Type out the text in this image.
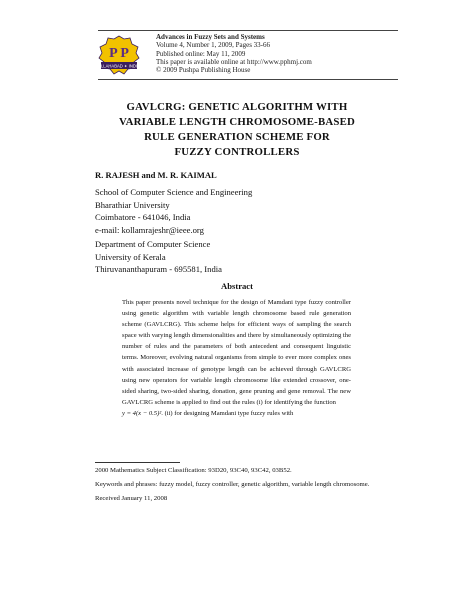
P P
ALLAHABAD ✦ INDIA
Advances in Fuzzy Sets and Systems
Volume 4, Number 1, 2009, Pages 33-66
Published online: May 11, 2009
This paper is available online at http://www.pphmj.com
© 2009 Pushpa Publishing House
GAVLCRG: GENETIC ALGORITHM WITH
VARIABLE LENGTH CHROMOSOME-BASED
RULE GENERATION SCHEME FOR
FUZZY CONTROLLERS
R. RAJESH and M. R. KAIMAL
School of Computer Science and Engineering
Bharathiar University
Coimbatore - 641046, India
e-mail: kollamrajeshr@ieee.org
Department of Computer Science
University of Kerala
Thiruvananthapuram - 695581, India
Abstract
This paper presents novel technique for the design of Mamdani type fuzzy controller using genetic algorithm with variable length chromosome based rule generation scheme (GAVLCRG). This scheme helps for efficient ways of sampling the search space with varying length dimensionalities and there by simultaneously optimizing the number of rules and the parameters of both antecedent and consequent linguistic terms. Moreover, evolving natural organisms from simple to ever more complex ones with associated increase of genotype length can be achieved through GAVLCRG using new operators for variable length chromosome like extended crossover, one-sided sharing, two-sided sharing, donation, gene pruning and gene removal. The new GAVLCRG scheme is applied to find out the rules (i) for identifying the function
y = 4(x − 0.5)². (ii) for designing Mamdani type fuzzy rules with

2000 Mathematics Subject Classification: 93D20, 93C40, 93C42, 03B52.

Keywords and phrases: fuzzy model, fuzzy controller, genetic algorithm, variable length chromosome.

Received January 11, 2008
